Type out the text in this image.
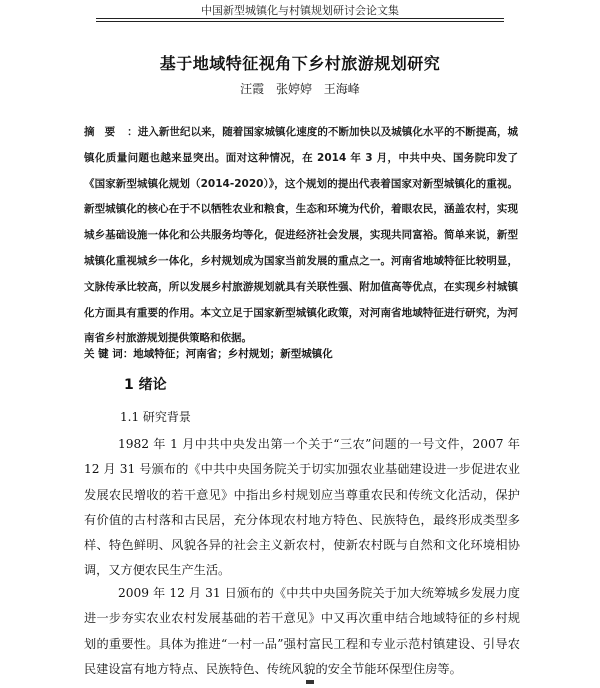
中国新型城镇化与村镇规划研讨会论文集
基于地域特征视角下乡村旅游规划研究
汪霞 张婷婷 王海峰
摘要 ：进入新世纪以来，随着国家城镇化速度的不断加快以及城镇化水平的不断提高，城镇化质量问题也越来显突出。面对这种情况，在 2014 年 3 月，中共中央、国务院印发了《国家新型城镇化规划（2014-2020）》，这个规划的提出代表着国家对新型城镇化的重视。新型城镇化的核心在于不以牺牲农业和粮食，生态和环境为代价，着眼农民，涵盖农村，实现城乡基础设施一体化和公共服务均等化，促进经济社会发展，实现共同富裕。简单来说，新型城镇化重视城乡一体化，乡村规划成为国家当前发展的重点之一。河南省地域特征比较明显，文脉传承比较高，所以发展乡村旅游规划就具有关联性强、附加值高等优点，在实现乡村城镇化方面具有重要的作用。本文立足于国家新型城镇化政策，对河南省地域特征进行研究，为河南省乡村旅游规划提供策略和依据。
关 键 词：地域特征；河南省；乡村规划；新型城镇化
1 绪论
1.1 研究背景
1982 年 1 月中共中央发出第一个关于“三农”问题的一号文件，2007 年 12 月 31 号颁布的《中共中央国务院关于切实加强农业基础建设进一步促进农业发展农民增收的若干意见》中指出乡村规划应当尊重农民和传统文化活动，保护有价值的古村落和古民居，充分体现农村地方特色、民族特色，最终形成类型多样、特色鲜明、风貌各异的社会主义新农村，使新农村既与自然和文化环境相协调，又方便农民生产生活。
2009 年 12 月 31 日颁布的《中共中央国务院关于加大统筹城乡发展力度进一步夯实农业农村发展基础的若干意见》中又再次重申结合地域特征的乡村规划的重要性。具体为推进“一村一品”强村富民工程和专业示范村镇建设、引导农民建设富有地方特点、民族特色、传统风貌的安全节能环保型住房等。
